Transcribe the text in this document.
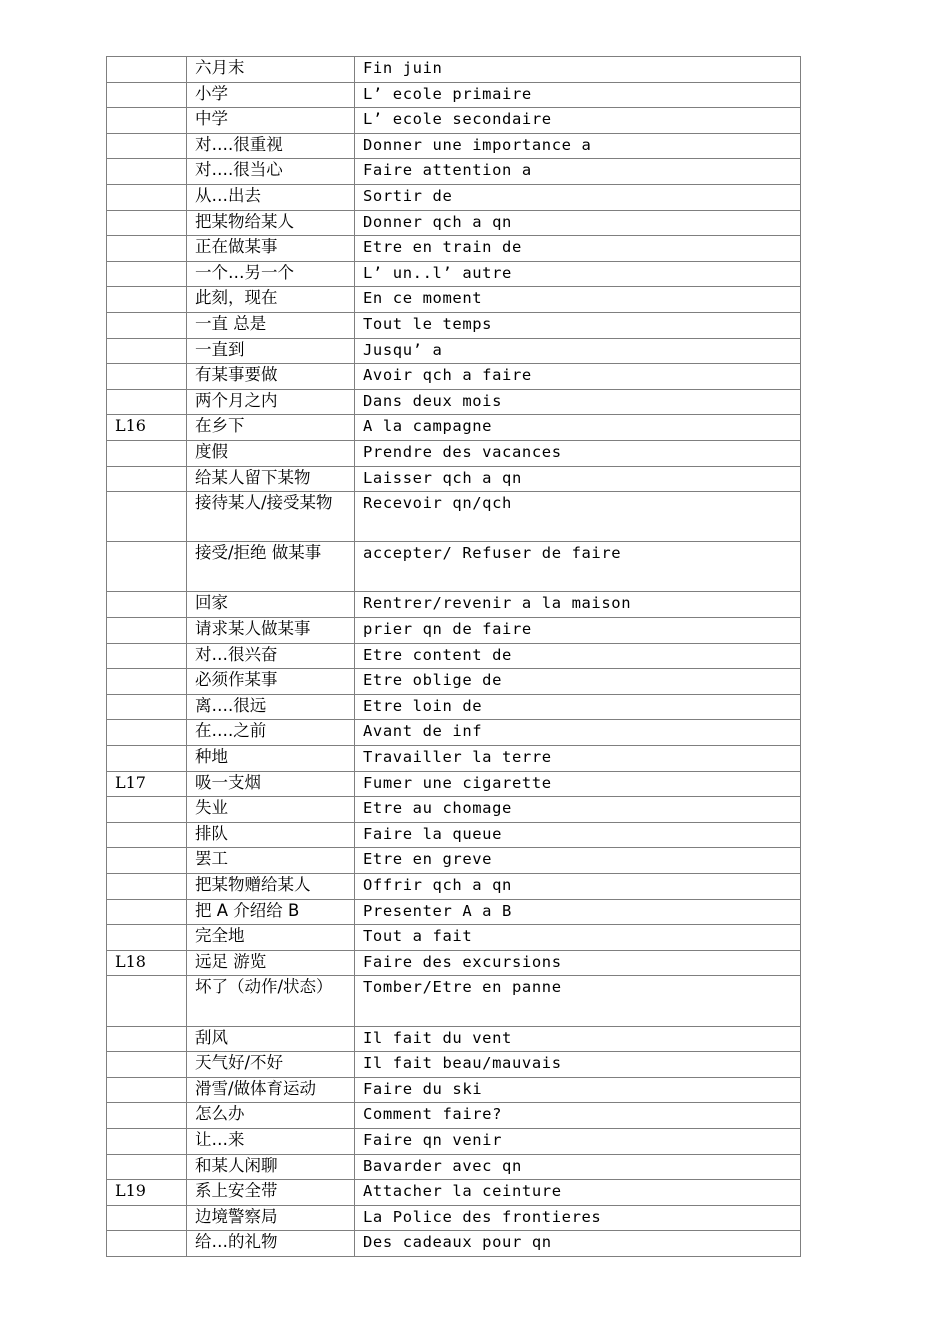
	六月末	Fin juin
	小学	L’ ecole primaire
	中学	L’ ecole secondaire
	对….很重视	Donner une importance a
	对….很当心	Faire attention a
	从…出去	Sortir de
	把某物给某人	Donner qch a qn
	正在做某事	Etre en train de
	一个…另一个	L’ un..l’ autre
	此刻，现在	En ce moment
	一直 总是	Tout le temps
	一直到	Jusqu’ a
	有某事要做	Avoir qch a faire
	两个月之内	Dans deux mois
L16	在乡下	A la campagne
	度假	Prendre des vacances
	给某人留下某物	Laisser qch a qn
	接待某人/接受某物	Recevoir qn/qch
	接受/拒绝 做某事	accepter/ Refuser de faire
	回家	Rentrer/revenir a la maison
	请求某人做某事	prier qn de faire
	对…很兴奋	Etre content de
	必须作某事	Etre oblige de
	离….很远	Etre loin de
	在….之前	Avant de inf
	种地	Travailler la terre
L17	吸一支烟	Fumer une cigarette
	失业	Etre au chomage
	排队	Faire la queue
	罢工	Etre en greve
	把某物赠给某人	Offrir qch a qn
	把 A 介绍给 B	Presenter A a B
	完全地	Tout a fait
L18	远足 游览	Faire des excursions
	坏了（动作/状态）	Tomber/Etre en panne
	刮风	Il fait du vent
	天气好/不好	Il fait beau/mauvais
	滑雪/做体育运动	Faire du ski
	怎么办	Comment faire?
	让…来	Faire qn venir
	和某人闲聊	Bavarder avec qn
L19	系上安全带	Attacher la ceinture
	边境警察局	La Police des frontieres
	给…的礼物	Des cadeaux pour qn
